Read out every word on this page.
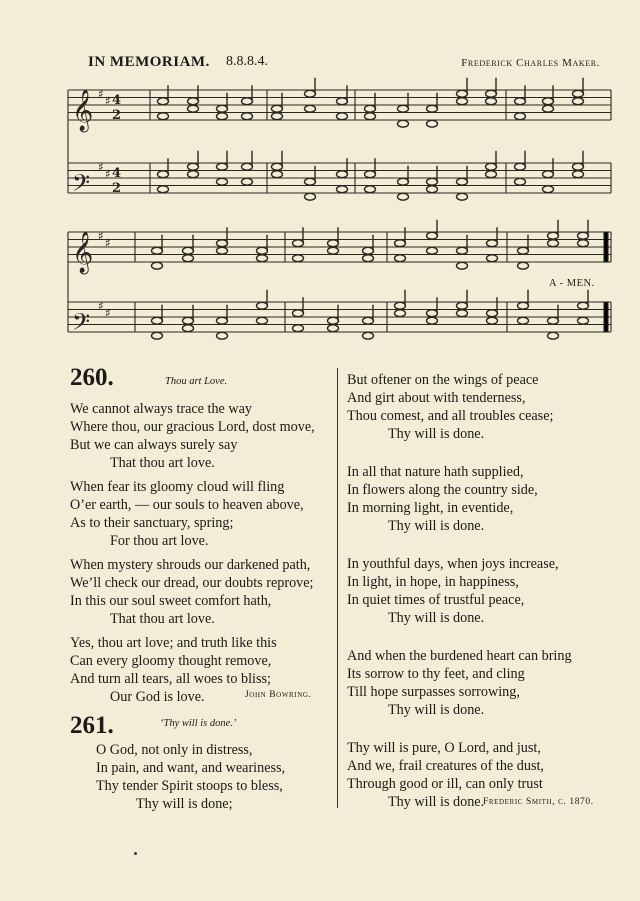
IN MEMORIAM. 8.8.8.4.	Frederick Charles Maker.
𝄞 ♯ ♯ 4
2
𝄢
♯ ♯ 4
2
𝄞 ♯ ♯
𝄢
♯ ♯
A - MEN.
260.	Thou art Love.
We cannot always trace the way
Where thou, our gracious Lord, dost move,
But we can always surely say
That thou art love.
When fear its gloomy cloud will fling
O’er earth, — our souls to heaven above,
As to their sanctuary, spring;
For thou art love.
When mystery shrouds our darkened path,
We’ll check our dread, our doubts reprove;
In this our soul sweet comfort hath,
That thou art love.
Yes, thou art love; and truth like this
Can every gloomy thought remove,
And turn all tears, all woes to bliss;
Our God is love.	John Bowring.
261.	‘Thy will is done.’
O God, not only in distress,
In pain, and want, and weariness,
Thy tender Spirit stoops to bless,
Thy will is done;
But oftener on the wings of peace
And girt about with tenderness,
Thou comest, and all troubles cease;
Thy will is done.
In all that nature hath supplied,
In flowers along the country side,
In morning light, in eventide,
Thy will is done.
In youthful days, when joys increase,
In light, in hope, in happiness,
In quiet times of trustful peace,
Thy will is done.
And when the burdened heart can bring
Its sorrow to thy feet, and cling
Till hope surpasses sorrowing,
Thy will is done.
Thy will is pure, O Lord, and just,
And we, frail creatures of the dust,
Through good or ill, can only trust
Thy will is done.
Frederic Smith, c. 1870.
